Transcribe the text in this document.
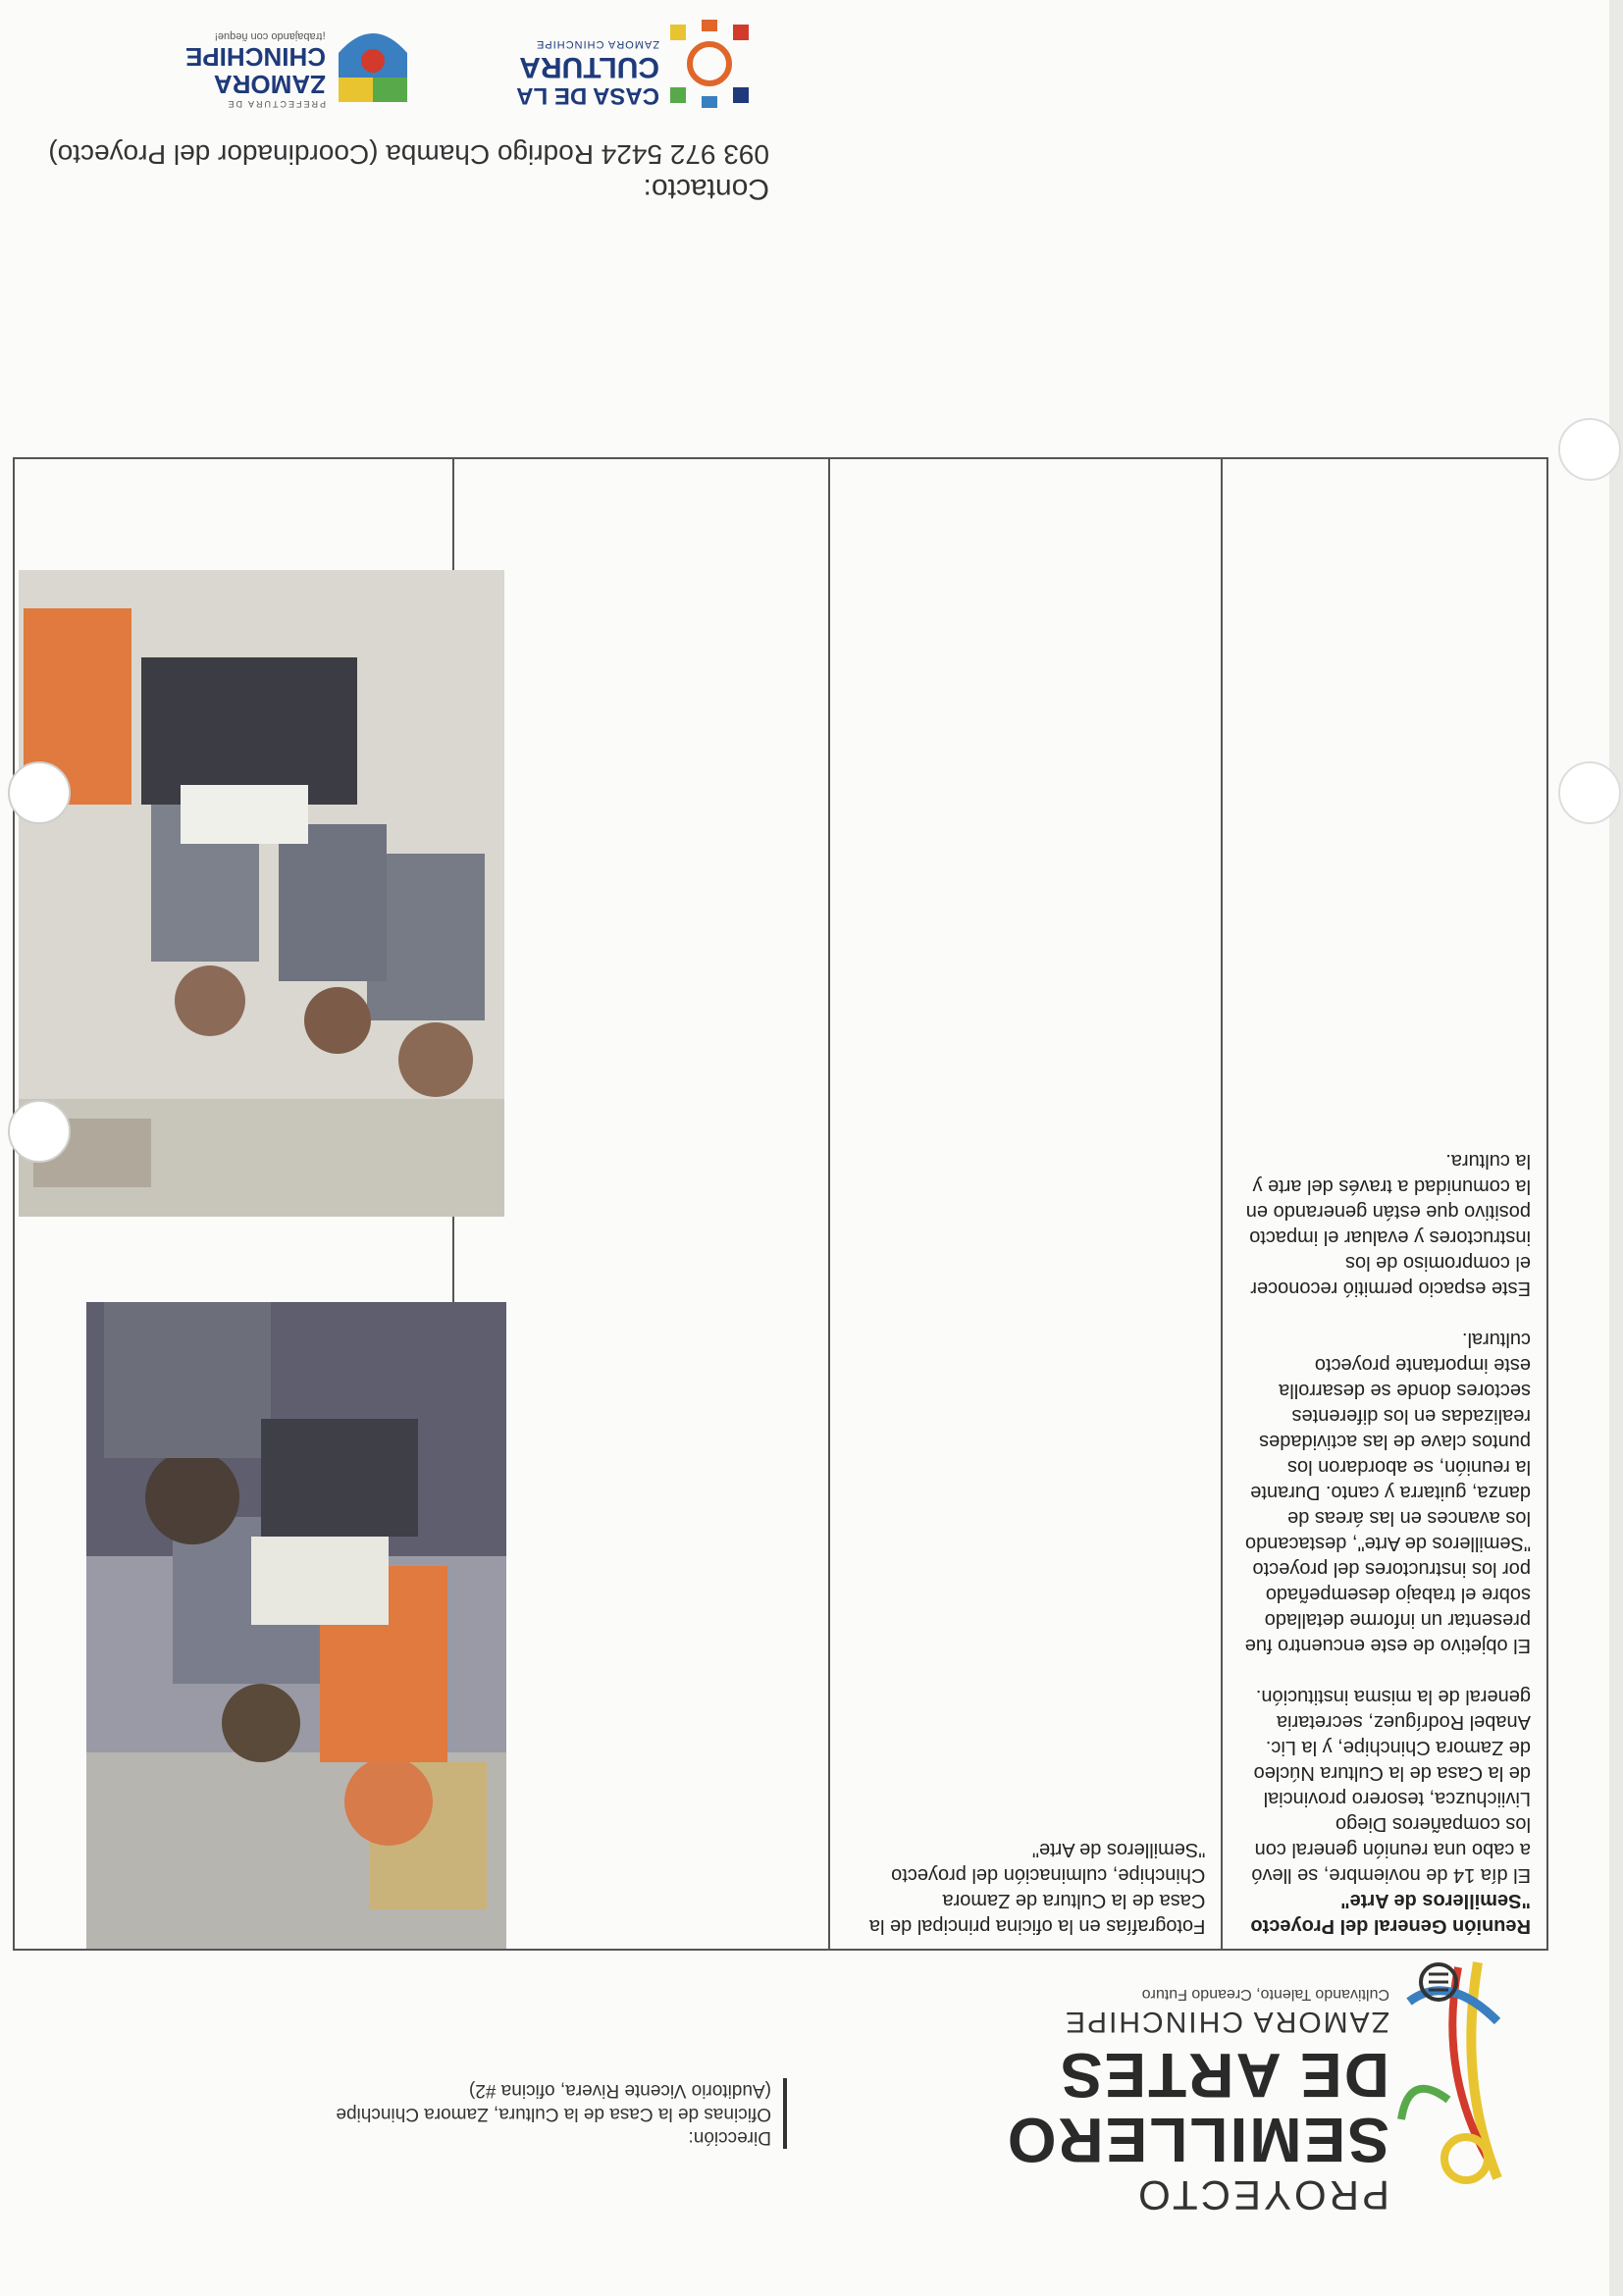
PROYECTO
SEMILLERO
DE ARTES
ZAMORA CHINCHIPE
Cultivando Talento, Creando Futuro
Dirección:
Oficinas de la Casa de la Cultura, Zamora Chinchipe
(Auditorio Vicente Rivera, oficina #2)
Reunión General del Proyecto "Semilleros de Arte"

El día 14 de noviembre, se llevó a cabo una reunión general con los compañeros Diego Liviichuzca, tesorero provincial de la Casa de la Cultura Núcleo de Zamora Chinchipe, y la Lic. Anabel Rodríguez, secretaria general de la misma institución.

El objetivo de este encuentro fue presentar un informe detallado sobre el trabajo desempeñado por los instructores del proyecto "Semilleros de Arte", destacando los avances en las áreas de danza, guitarra y canto. Durante la reunión, se abordaron los puntos clave de las actividades realizadas en los diferentes sectores donde se desarrolla este importante proyecto cultural.

Este espacio permitió reconocer el compromiso de los instructores y evaluar el impacto positivo que están generando en la comunidad a través del arte y la cultura.

Fotografías en la oficina principal de la Casa de la Cultura de Zamora Chinchipe, culminación del proyecto "Semilleros de Arte"

Contacto:
093 972 5424 Rodrigo Chamba (Coordinador del Proyecto)
CASA DE LA
CULTURA
ZAMORA CHINCHIPE
PREFECTURA DE
ZAMORA
CHINCHIPE
¡trabajando con ñeque!
